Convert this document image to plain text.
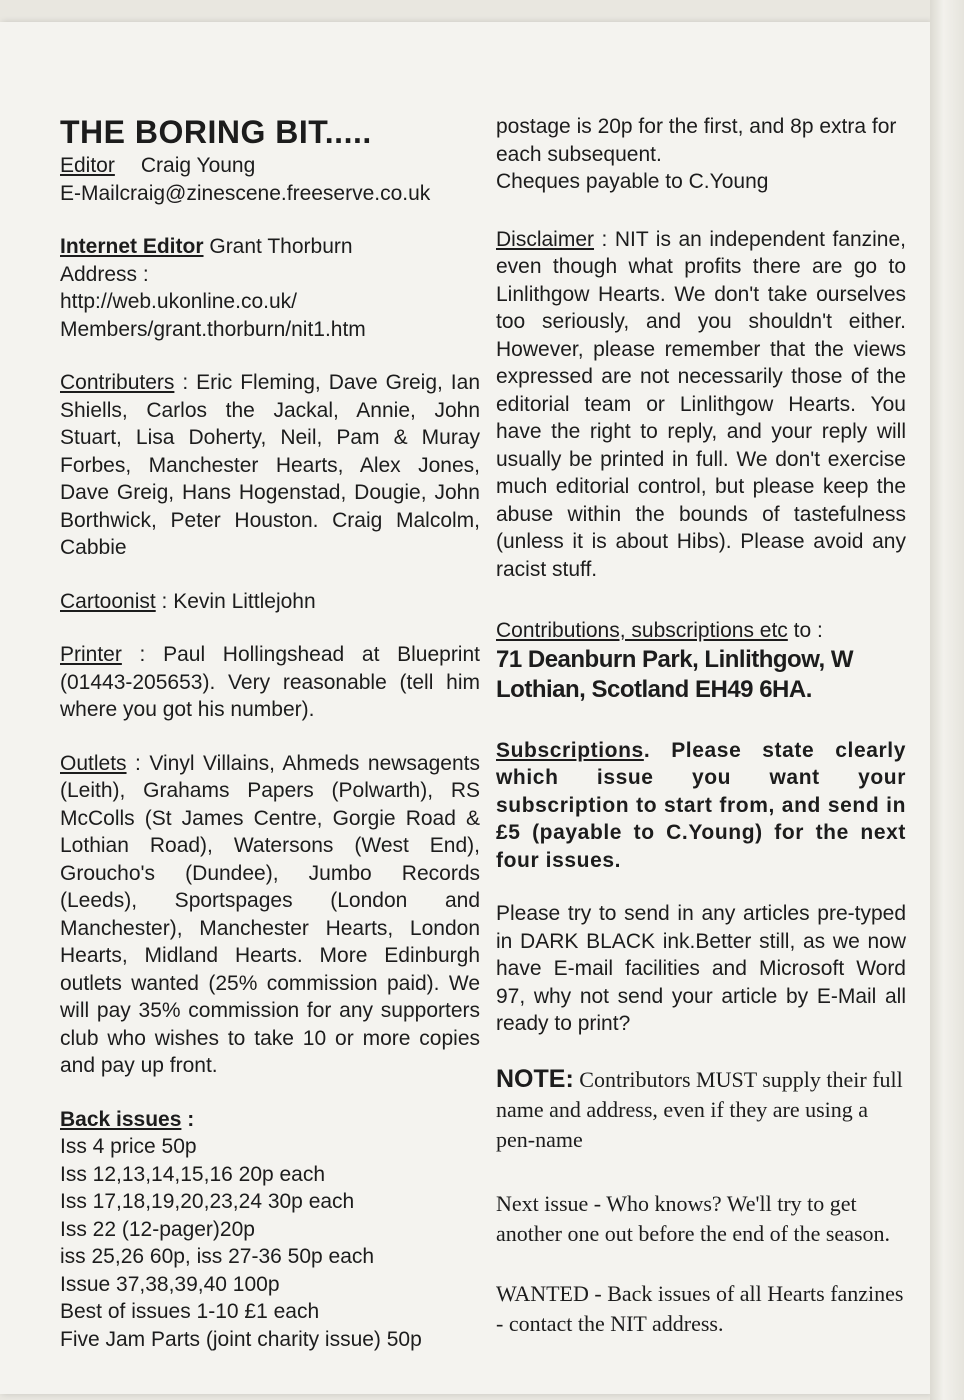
THE BORING BIT.....
Editor Craig Young
E-Mailcraig@zinescene.freeserve.co.uk
Internet Editor Grant Thorburn
Address :
http://web.ukonline.co.uk/
Members/grant.thorburn/nit1.htm
Contributers : Eric Fleming, Dave Greig, Ian Shiells, Carlos the Jackal, Annie, John Stuart, Lisa Doherty, Neil, Pam & Muray Forbes, Manchester Hearts, Alex Jones, Dave Greig, Hans Hogenstad, Dougie, John Borthwick, Peter Houston. Craig Malcolm, Cabbie
Cartoonist : Kevin Littlejohn
Printer : Paul Hollingshead at Blueprint (01443-205653). Very reasonable (tell him where you got his number).
Outlets : Vinyl Villains, Ahmeds newsagents (Leith), Grahams Papers (Polwarth), RS McColls (St James Centre, Gorgie Road & Lothian Road), Watersons (West End), Groucho's (Dundee), Jumbo Records (Leeds), Sportspages (London and Manchester), Manchester Hearts, London Hearts, Midland Hearts. More Edinburgh outlets wanted (25% commission paid). We will pay 35% commission for any supporters club who wishes to take 10 or more copies and pay up front.
Back issues :
Iss 4 price 50p
Iss 12,13,14,15,16 20p each
Iss 17,18,19,20,23,24 30p each
Iss 22 (12-pager)20p
iss 25,26 60p, iss 27-36 50p each
Issue 37,38,39,40 100p
Best of issues 1-10 £1 each
Five Jam Parts (joint charity issue) 50p
postage is 20p for the first, and 8p extra for each subsequent.
Cheques payable to C.Young
Disclaimer : NIT is an independent fanzine, even though what profits there are go to Linlithgow Hearts. We don't take ourselves too seriously, and you shouldn't either. However, please remember that the views expressed are not necessarily those of the editorial team or Linlithgow Hearts. You have the right to reply, and your reply will usually be printed in full. We don't exercise much editorial control, but please keep the abuse within the bounds of tastefulness (unless it is about Hibs). Please avoid any racist stuff.
Contributions, subscriptions etc to :
71 Deanburn Park, Linlithgow, W Lothian, Scotland EH49 6HA.
Subscriptions. Please state clearly which issue you want your subscription to start from, and send in £5 (payable to C.Young) for the next four issues.
Please try to send in any articles pre-typed in DARK BLACK ink.Better still, as we now have E-mail facilities and Microsoft Word 97, why not send your article by E-Mail all ready to print?
NOTE: Contributors MUST supply their full name and address, even if they are using a pen-name
Next issue - Who knows? We'll try to get another one out before the end of the season.
WANTED - Back issues of all Hearts fanzines - contact the NIT address.
